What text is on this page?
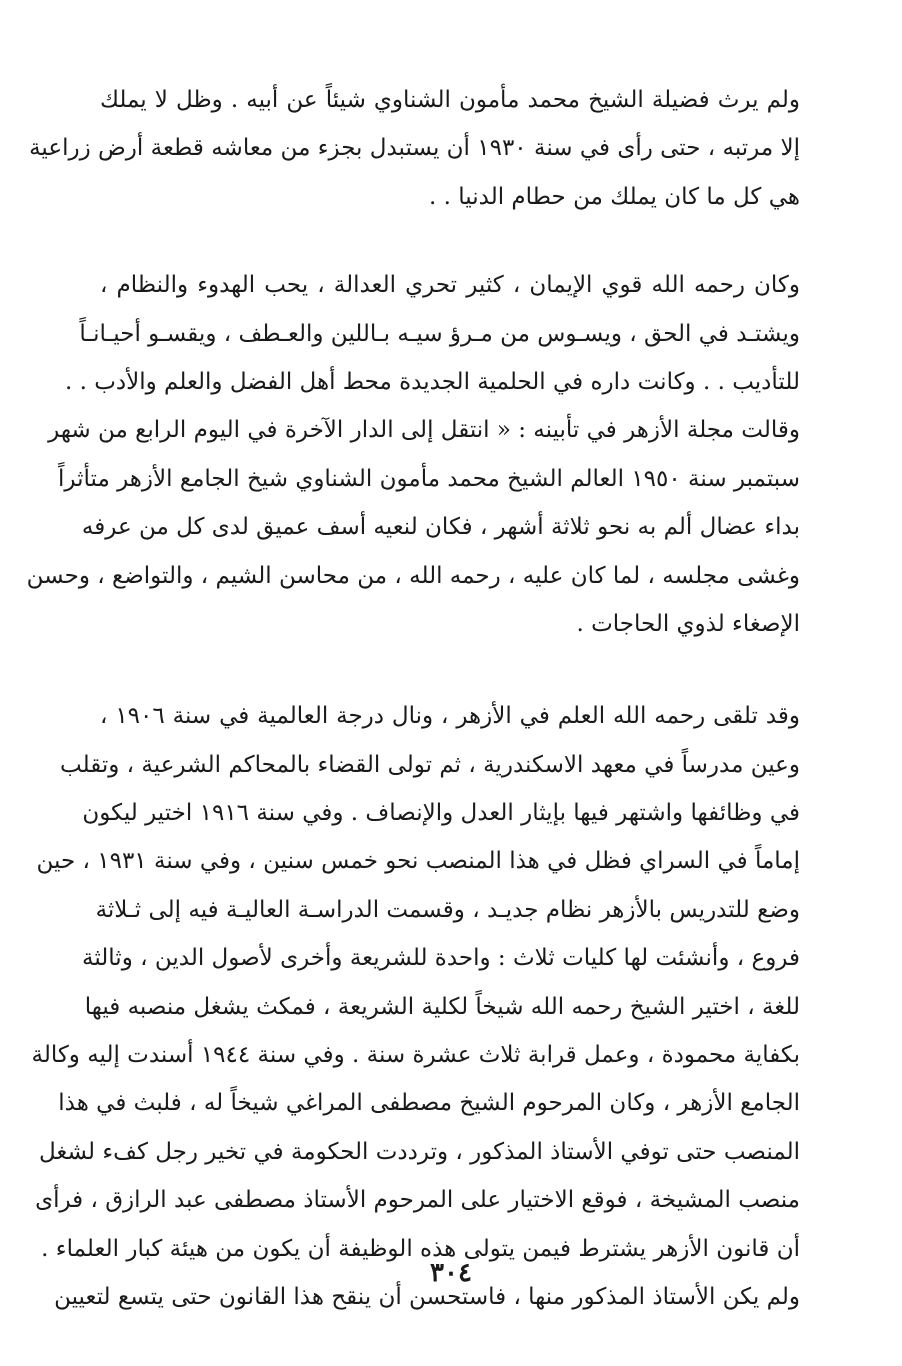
ولم يرث فضيلة الشيخ محمد مأمون الشناوي شيئاً عن أبيه . وظل لا يملك
إلا مرتبه ، حتى رأى في سنة ١٩٣٠ أن يستبدل بجزء من معاشه قطعة أرض زراعية
هي كل ما كان يملك من حطام الدنيا . .
وكان رحمه الله قوي الإيمان ، كثير تحري العدالة ، يحب الهدوء والنظام ،
ويشتـد في الحق ، ويسـوس من مـرؤ سيـه بـاللين والعـطف ، ويقسـو أحيـانـاً
للتأديب . . وكانت داره في الحلمية الجديدة محط أهل الفضل والعلم والأدب . .
وقالت مجلة الأزهر في تأبينه : « انتقل إلى الدار الآخرة في اليوم الرابع من شهر
سبتمبر سنة ١٩٥٠ العالم الشيخ محمد مأمون الشناوي شيخ الجامع الأزهر متأثراً
بداء عضال ألم به نحو ثلاثة أشهر ، فكان لنعيه أسف عميق لدى كل من عرفه
وغشى مجلسه ، لما كان عليه ، رحمه الله ، من محاسن الشيم ، والتواضع ، وحسن
الإصغاء لذوي الحاجات .
وقد تلقى رحمه الله العلم في الأزهر ، ونال درجة العالمية في سنة ١٩٠٦ ،
وعين مدرساً في معهد الاسكندرية ، ثم تولى القضاء بالمحاكم الشرعية ، وتقلب
في وظائفها واشتهر فيها بإيثار العدل والإنصاف . وفي سنة ١٩١٦ اختير ليكون
إماماً في السراي فظل في هذا المنصب نحو خمس سنين ، وفي سنة ١٩٣١ ، حين
وضع للتدريس بالأزهر نظام جديـد ، وقسمت الدراسـة العاليـة فيه إلى ثـلاثة
فروع ، وأنشئت لها كليات ثلاث : واحدة للشريعة وأخرى لأصول الدين ، وثالثة
للغة ، اختير الشيخ رحمه الله شيخاً لكلية الشريعة ، فمكث يشغل منصبه فيها
بكفاية محمودة ، وعمل قرابة ثلاث عشرة سنة . وفي سنة ١٩٤٤ أسندت إليه وكالة
الجامع الأزهر ، وكان المرحوم الشيخ مصطفى المراغي شيخاً له ، فلبث في هذا
المنصب حتى توفي الأستاذ المذكور ، وترددت الحكومة في تخير رجل كفء لشغل
منصب المشيخة ، فوقع الاختيار على المرحوم الأستاذ مصطفى عبد الرازق ، فرأى
أن قانون الأزهر يشترط فيمن يتولى هذه الوظيفة أن يكون من هيئة كبار العلماء .
ولم يكن الأستاذ المذكور منها ، فاستحسن أن ينقح هذا القانون حتى يتسع لتعيين
٣٠٤
